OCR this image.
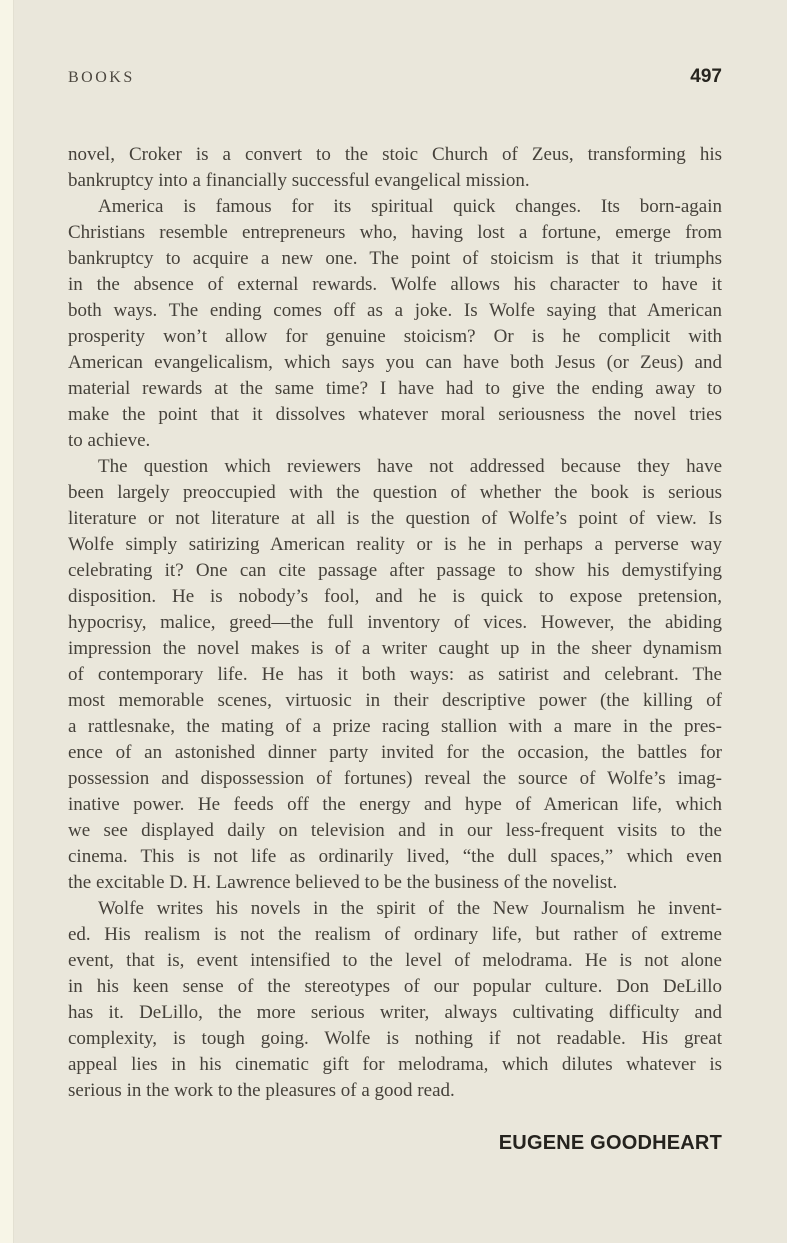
BOOKS	497
novel, Croker is a convert to the stoic Church of Zeus, transforming his
bankruptcy into a financially successful evangelical mission.
America is famous for its spiritual quick changes. Its born-again
Christians resemble entrepreneurs who, having lost a fortune, emerge from
bankruptcy to acquire a new one. The point of stoicism is that it triumphs
in the absence of external rewards. Wolfe allows his character to have it
both ways. The ending comes off as a joke. Is Wolfe saying that American
prosperity won’t allow for genuine stoicism? Or is he complicit with
American evangelicalism, which says you can have both Jesus (or Zeus) and
material rewards at the same time? I have had to give the ending away to
make the point that it dissolves whatever moral seriousness the novel tries
to achieve.
The question which reviewers have not addressed because they have
been largely preoccupied with the question of whether the book is serious
literature or not literature at all is the question of Wolfe’s point of view. Is
Wolfe simply satirizing American reality or is he in perhaps a perverse way
celebrating it? One can cite passage after passage to show his demystifying
disposition. He is nobody’s fool, and he is quick to expose pretension,
hypocrisy, malice, greed—the full inventory of vices. However, the abiding
impression the novel makes is of a writer caught up in the sheer dynamism
of contemporary life. He has it both ways: as satirist and celebrant. The
most memorable scenes, virtuosic in their descriptive power (the killing of
a rattlesnake, the mating of a prize racing stallion with a mare in the pres-
ence of an astonished dinner party invited for the occasion, the battles for
possession and dispossession of fortunes) reveal the source of Wolfe’s imag-
inative power. He feeds off the energy and hype of American life, which
we see displayed daily on television and in our less-frequent visits to the
cinema. This is not life as ordinarily lived, “the dull spaces,” which even
the excitable D. H. Lawrence believed to be the business of the novelist.
Wolfe writes his novels in the spirit of the New Journalism he invent-
ed. His realism is not the realism of ordinary life, but rather of extreme
event, that is, event intensified to the level of melodrama. He is not alone
in his keen sense of the stereotypes of our popular culture. Don DeLillo
has it. DeLillo, the more serious writer, always cultivating difficulty and
complexity, is tough going. Wolfe is nothing if not readable. His great
appeal lies in his cinematic gift for melodrama, which dilutes whatever is
serious in the work to the pleasures of a good read.
EUGENE GOODHEART
